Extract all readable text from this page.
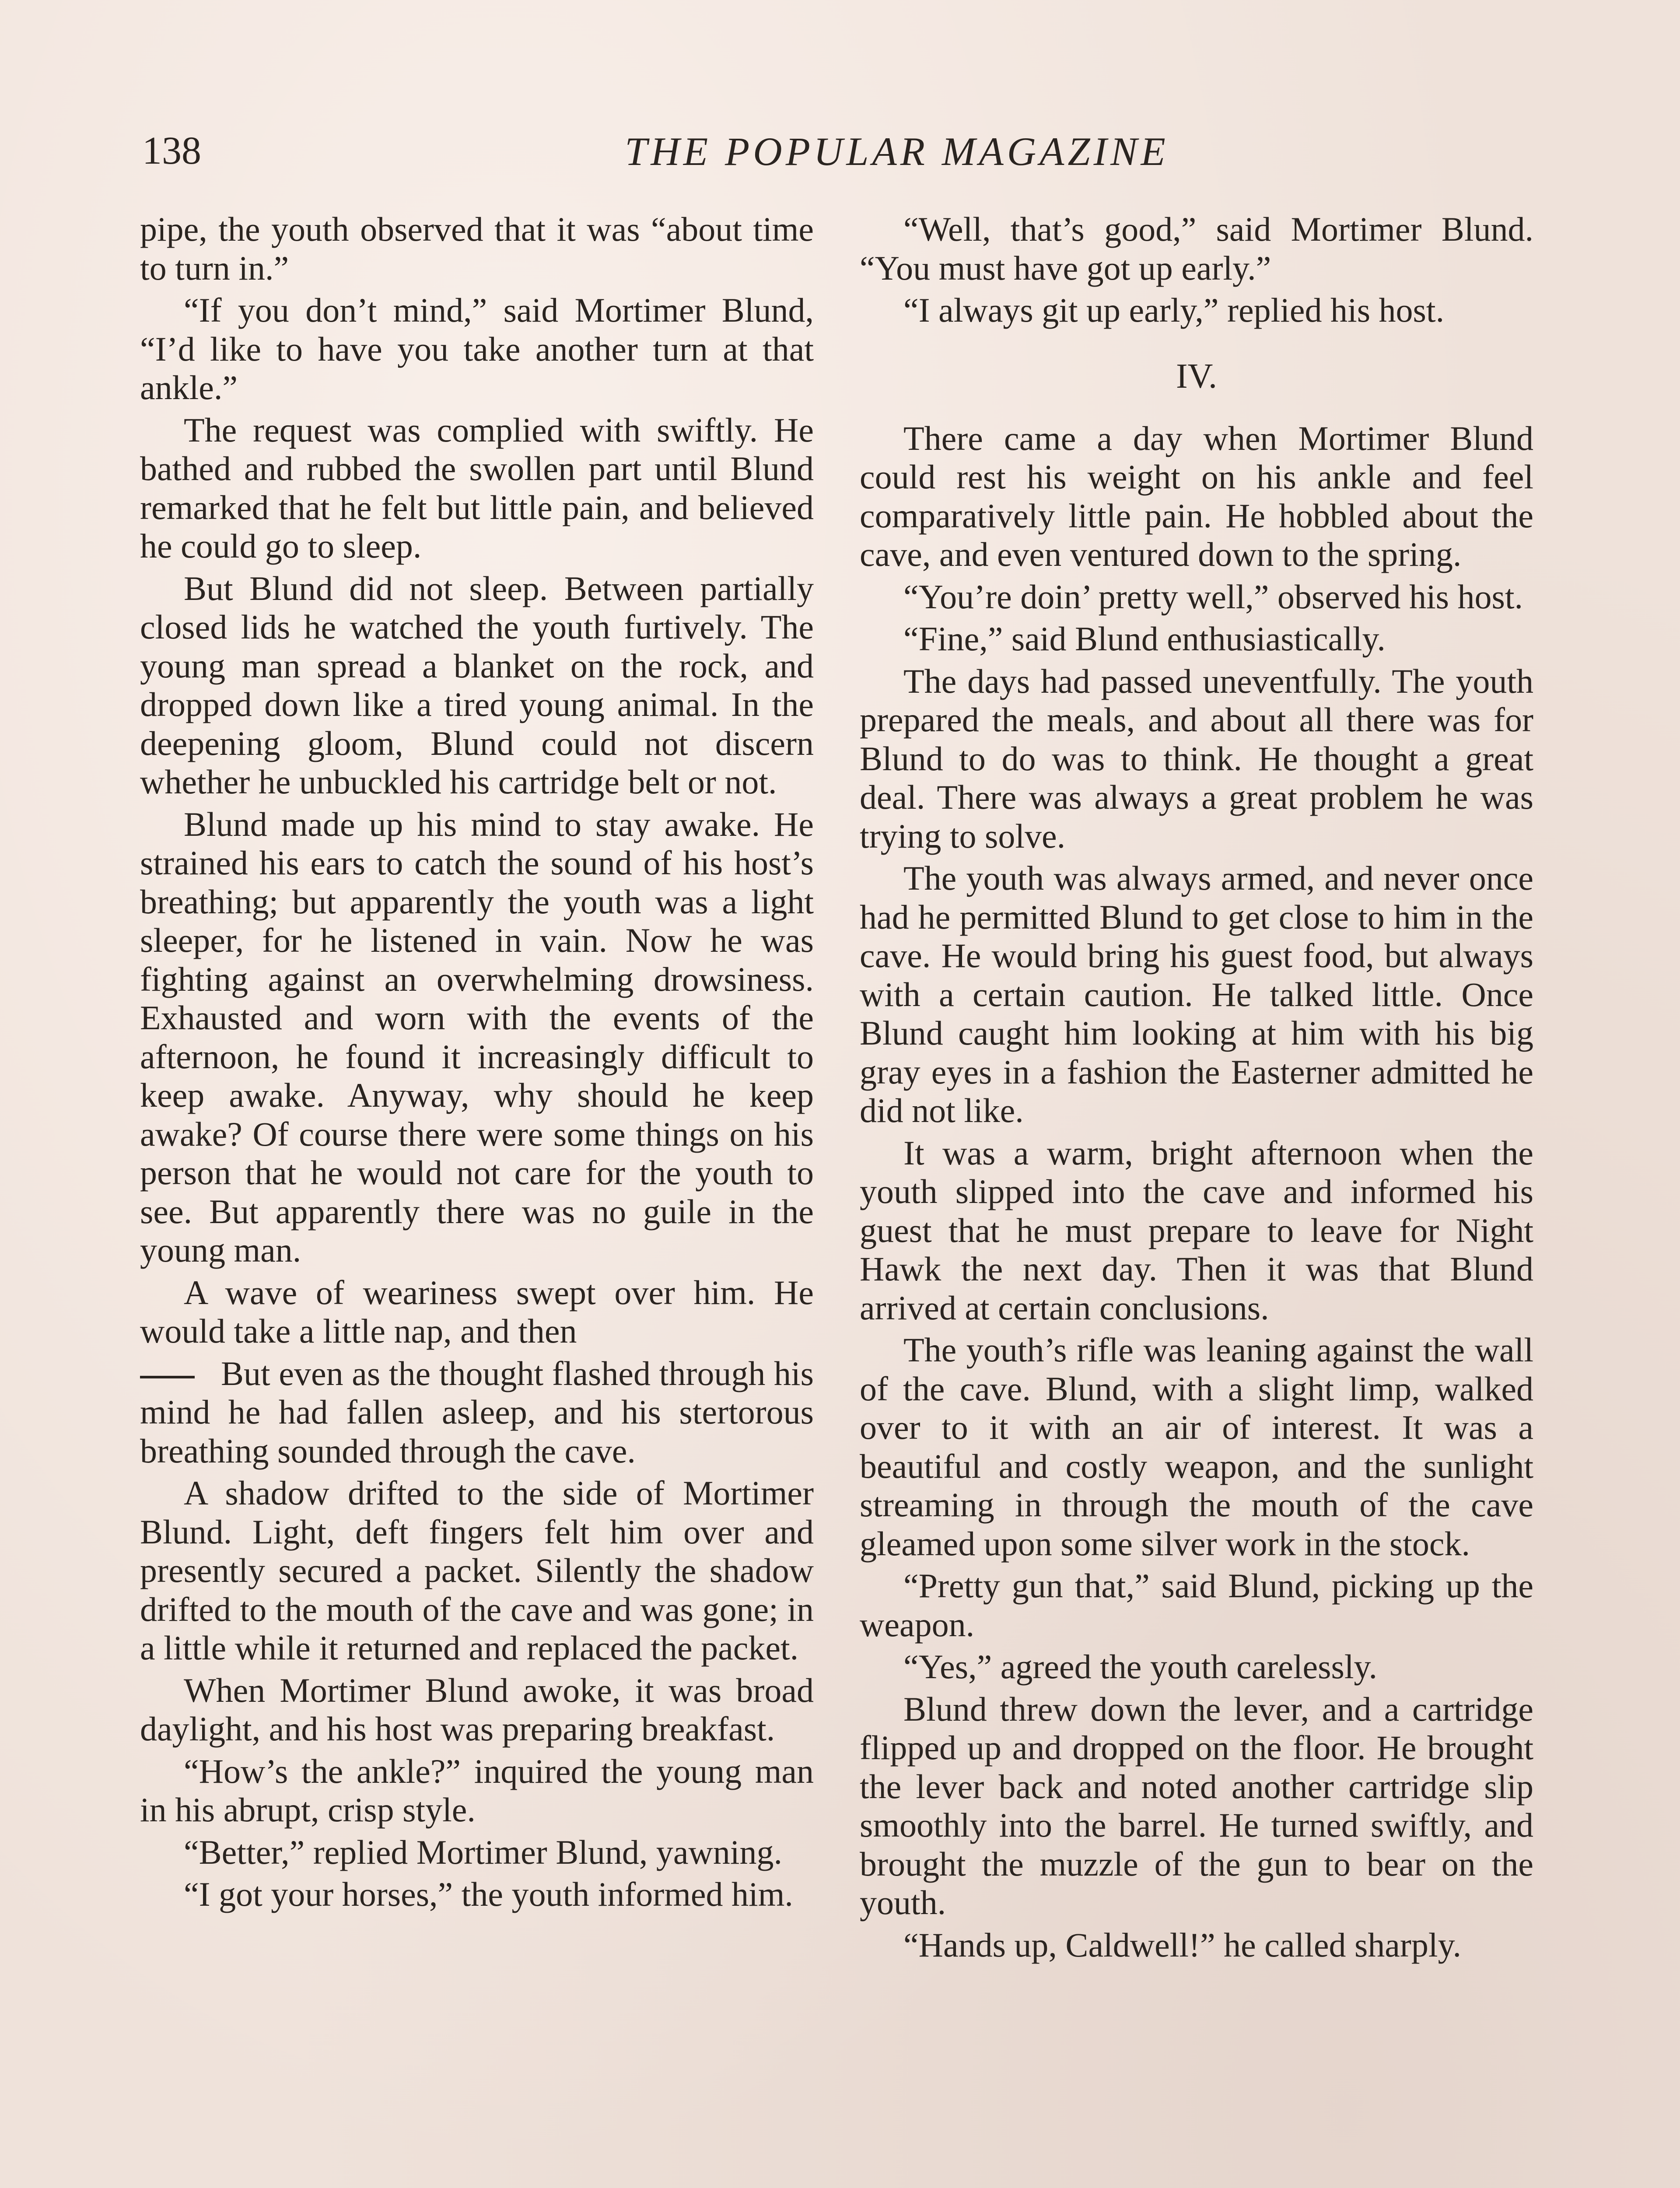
138	THE POPULAR MAGAZINE

pipe, the youth observed that it was “about time to turn in.”

“If you don’t mind,” said Mortimer Blund, “I’d like to have you take another turn at that ankle.”

The request was complied with swiftly. He bathed and rubbed the swollen part until Blund remarked that he felt but little pain, and believed he could go to sleep.

But Blund did not sleep. Between partially closed lids he watched the youth furtively. The young man spread a blanket on the rock, and dropped down like a tired young animal. In the deepening gloom, Blund could not discern whether he unbuckled his cartridge belt or not.

Blund made up his mind to stay awake. He strained his ears to catch the sound of his host’s breathing; but apparently the youth was a light sleeper, for he listened in vain. Now he was fighting against an overwhelming drowsiness. Exhausted and worn with the events of the afternoon, he found it increasingly difficult to keep awake. Anyway, why should he keep awake? Of course there were some things on his person that he would not care for the youth to see. But apparently there was no guile in the young man.

A wave of weariness swept over him. He would take a little nap, and then

But even as the thought flashed through his mind he had fallen asleep, and his stertorous breathing sounded through the cave.

A shadow drifted to the side of Mortimer Blund. Light, deft fingers felt him over and presently secured a packet. Silently the shadow drifted to the mouth of the cave and was gone; in a little while it returned and replaced the packet.

When Mortimer Blund awoke, it was broad daylight, and his host was preparing breakfast.

“How’s the ankle?” inquired the young man in his abrupt, crisp style.

“Better,” replied Mortimer Blund, yawning.

“I got your horses,” the youth informed him.

“Well, that’s good,” said Mortimer Blund. “You must have got up early.”

“I always git up early,” replied his host.

IV.

There came a day when Mortimer Blund could rest his weight on his ankle and feel comparatively little pain. He hobbled about the cave, and even ventured down to the spring.

“You’re doin’ pretty well,” observed his host.

“Fine,” said Blund enthusiastically.

The days had passed uneventfully. The youth prepared the meals, and about all there was for Blund to do was to think. He thought a great deal. There was always a great problem he was trying to solve.

The youth was always armed, and never once had he permitted Blund to get close to him in the cave. He would bring his guest food, but always with a certain caution. He talked little. Once Blund caught him looking at him with his big gray eyes in a fashion the Easterner admitted he did not like.

It was a warm, bright afternoon when the youth slipped into the cave and informed his guest that he must prepare to leave for Night Hawk the next day. Then it was that Blund arrived at certain conclusions.

The youth’s rifle was leaning against the wall of the cave. Blund, with a slight limp, walked over to it with an air of interest. It was a beautiful and costly weapon, and the sunlight streaming in through the mouth of the cave gleamed upon some silver work in the stock.

“Pretty gun that,” said Blund, picking up the weapon.

“Yes,” agreed the youth carelessly.

Blund threw down the lever, and a cartridge flipped up and dropped on the floor. He brought the lever back and noted another cartridge slip smoothly into the barrel. He turned swiftly, and brought the muzzle of the gun to bear on the youth.

“Hands up, Caldwell!” he called sharply.
